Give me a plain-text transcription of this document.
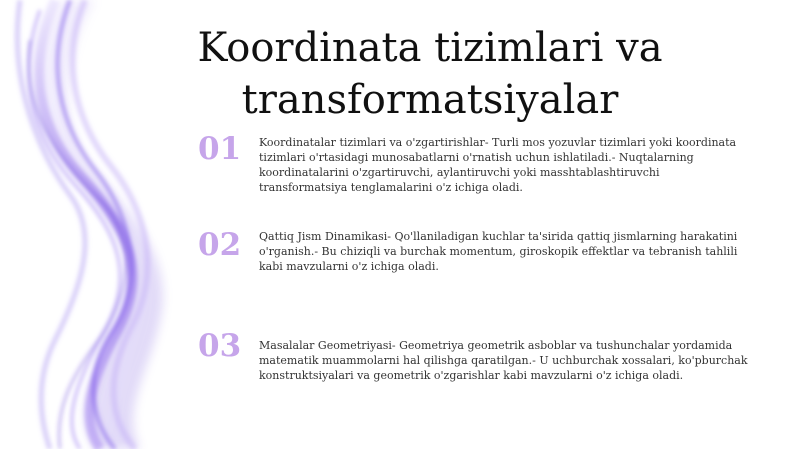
Koordinata tizimlari va transformatsiyalar
01	Koordinatalar tizimlari va o'zgartirishlar- Turli mos yozuvlar tizimlari yoki koordinata tizimlari o'rtasidagi munosabatlarni o'rnatish uchun ishlatiladi.- Nuqtalarning koordinatalarini o'zgartiruvchi, aylantiruvchi yoki masshtablashtiruvchi transformatsiya tenglamalarini o'z ichiga oladi.

02	Qattiq Jism Dinamikasi- Qo'llaniladigan kuchlar ta'sirida qattiq jismlarning harakatini o'rganish.- Bu chiziqli va burchak momentum, giroskopik effektlar va tebranish tahlili kabi mavzularni o'z ichiga oladi.

03	Masalalar Geometriyasi- Geometriya geometrik asboblar va tushunchalar yordamida matematik muammolarni hal qilishga qaratilgan.- U uchburchak xossalari, ko'pburchak konstruktsiyalari va geometrik o'zgarishlar kabi mavzularni o'z ichiga oladi.
